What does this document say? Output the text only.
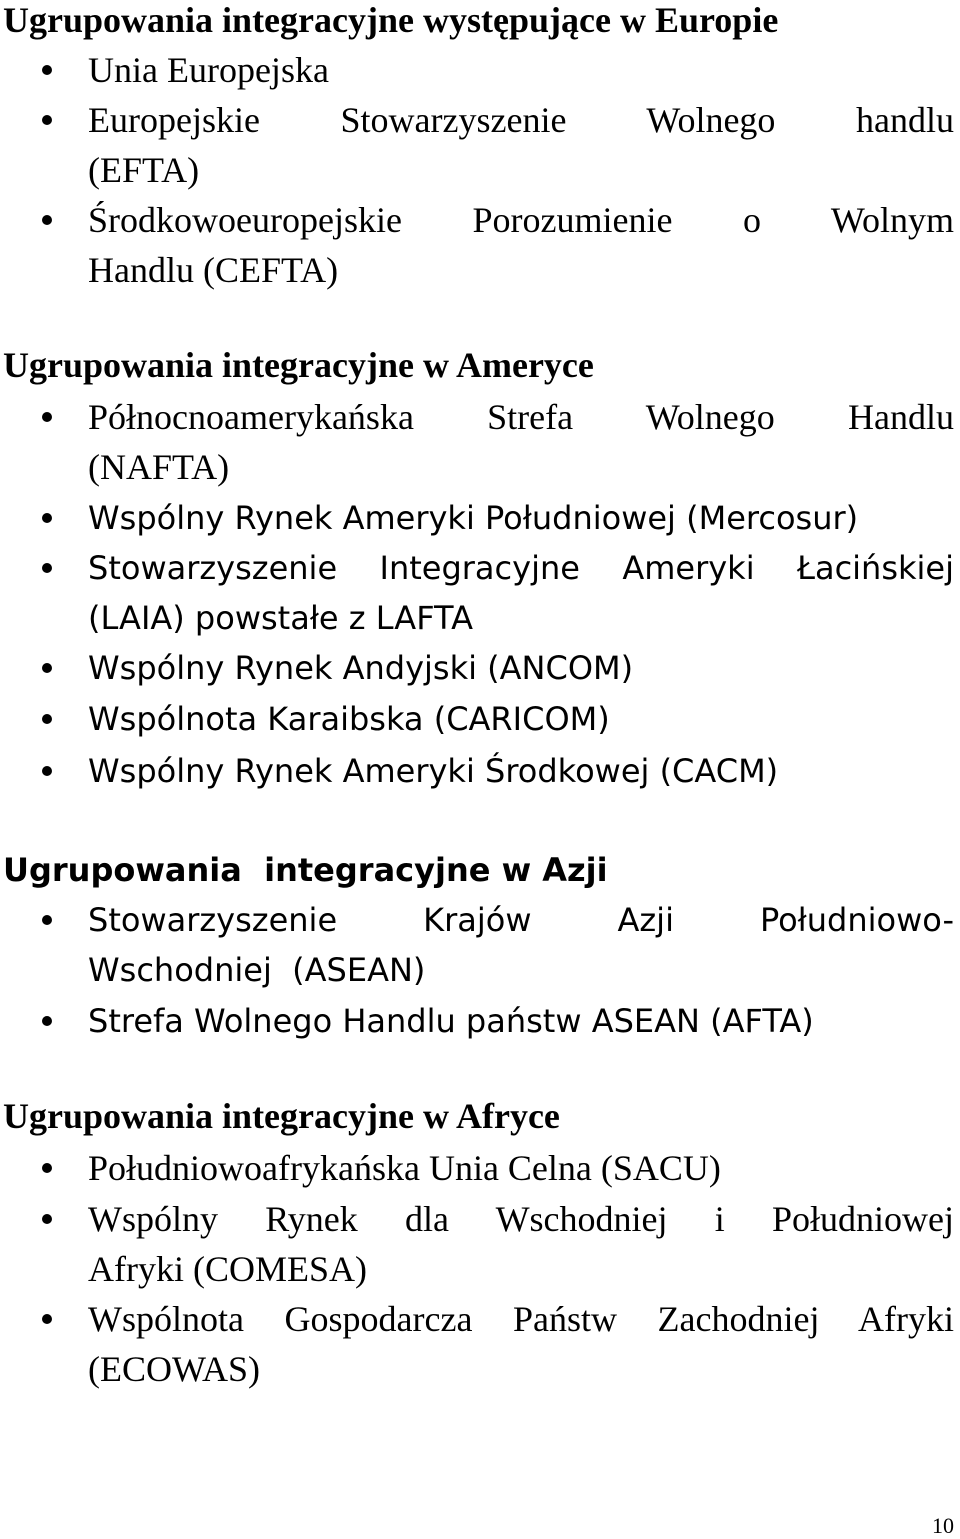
Ugrupowania integracyjne występujące w Europie
Unia Europejska
Europejskie Stowarzyszenie Wolnego handlu
(EFTA)
Środkowoeuropejskie Porozumienie o Wolnym
Handlu (CEFTA)
Ugrupowania integracyjne w Ameryce
Północnoamerykańska Strefa Wolnego Handlu
(NAFTA)
Wspólny Rynek Ameryki Południowej (Mercosur)
Stowarzyszenie Integracyjne Ameryki Łacińskiej
(LAIA) powstałe z LAFTA
Wspólny Rynek Andyjski (ANCOM)
Wspólnota Karaibska (CARICOM)
Wspólny Rynek Ameryki Środkowej (CACM)
Ugrupowania  integracyjne w Azji
Stowarzyszenie Krajów Azji Południowo-
Wschodniej  (ASEAN)
Strefa Wolnego Handlu państw ASEAN (AFTA)
Ugrupowania integracyjne w Afryce
Południowoafrykańska Unia Celna (SACU)
Wspólny Rynek dla Wschodniej i Południowej
Afryki (COMESA)
Wspólnota Gospodarcza Państw Zachodniej Afryki
(ECOWAS)
10
